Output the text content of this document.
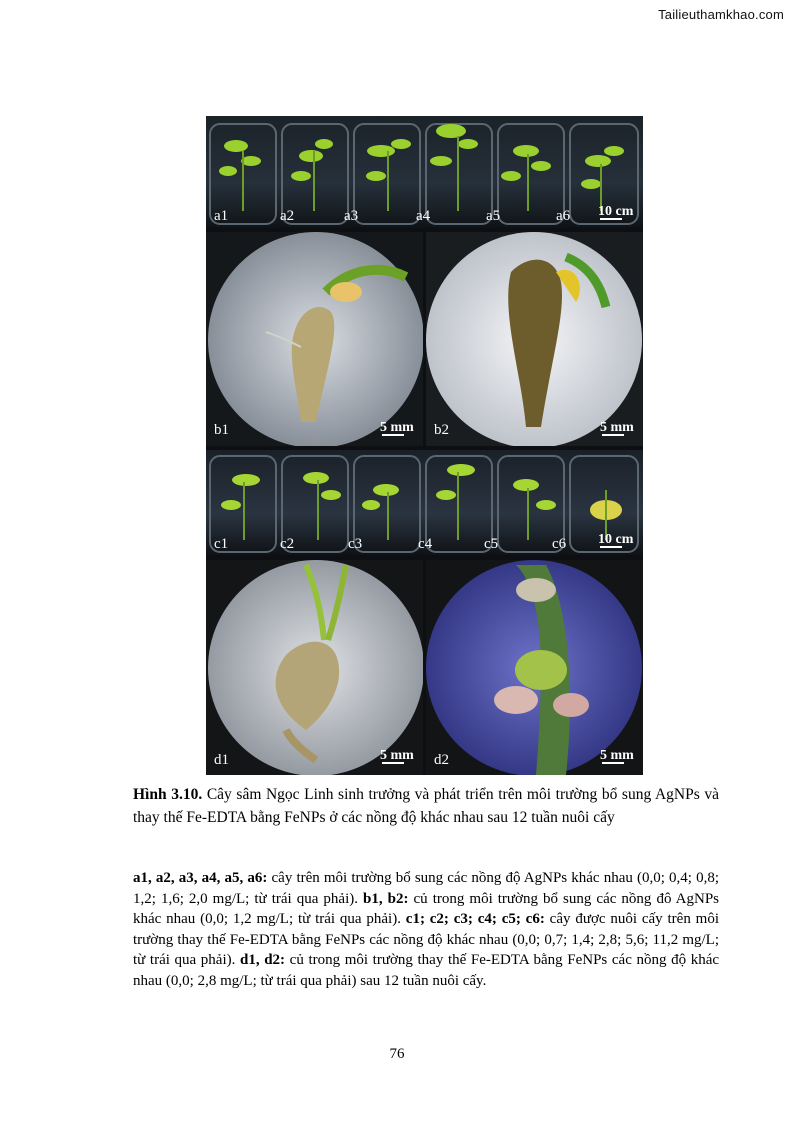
Tailieuthamkhao.com
a1	a2	a3	a4	a5	a6 10 cm
b1	5 mm b2	5 mm
c1	c2	c3	c4	c5	c6 10 cm
d1	5 mm d2	5 mm
Hình 3.10. Cây sâm Ngọc Linh sinh trưởng và phát triển trên môi trường bổ sung AgNPs và thay thế Fe-EDTA bằng FeNPs ở các nồng độ khác nhau sau 12 tuần nuôi cấy
a1, a2, a3, a4, a5, a6: cây trên môi trường bổ sung các nồng độ AgNPs khác nhau (0,0; 0,4; 0,8; 1,2; 1,6; 2,0 mg/L; từ trái qua phải). b1, b2: củ trong môi trường bổ sung các nồng đô AgNPs khác nhau (0,0; 1,2 mg/L; từ trái qua phải). c1; c2; c3; c4; c5; c6: cây được nuôi cấy trên môi trường thay thế Fe-EDTA bằng FeNPs các nồng độ khác nhau (0,0; 0,7; 1,4; 2,8; 5,6; 11,2 mg/L; từ trái qua phải). d1, d2: củ trong môi trường thay thế Fe-EDTA bằng FeNPs các nồng độ khác nhau (0,0; 2,8 mg/L; từ trái qua phải) sau 12 tuần nuôi cấy.
76
